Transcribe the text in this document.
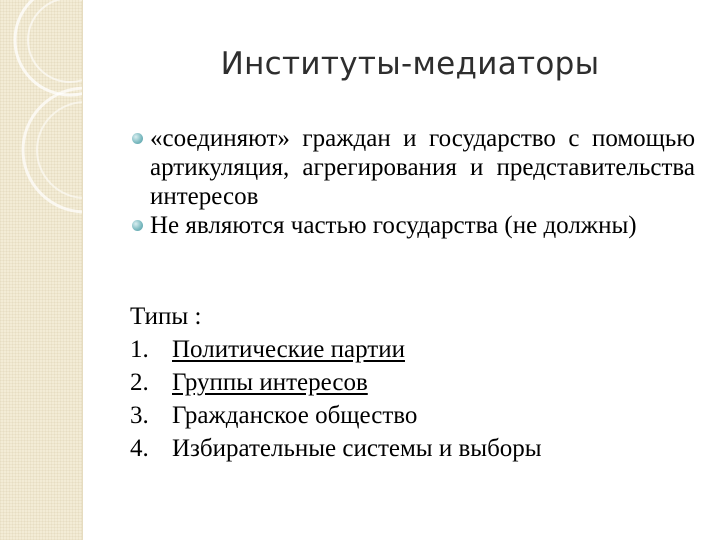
Институты-медиаторы
«соединяют» граждан и государство с помощью артикуляция, агрегирования и представительства интересов
Не являются частью государства (не должны)
Типы :
1. Политические партии
2. Группы интересов
3. Гражданское общество
4. Избирательные системы и выборы
